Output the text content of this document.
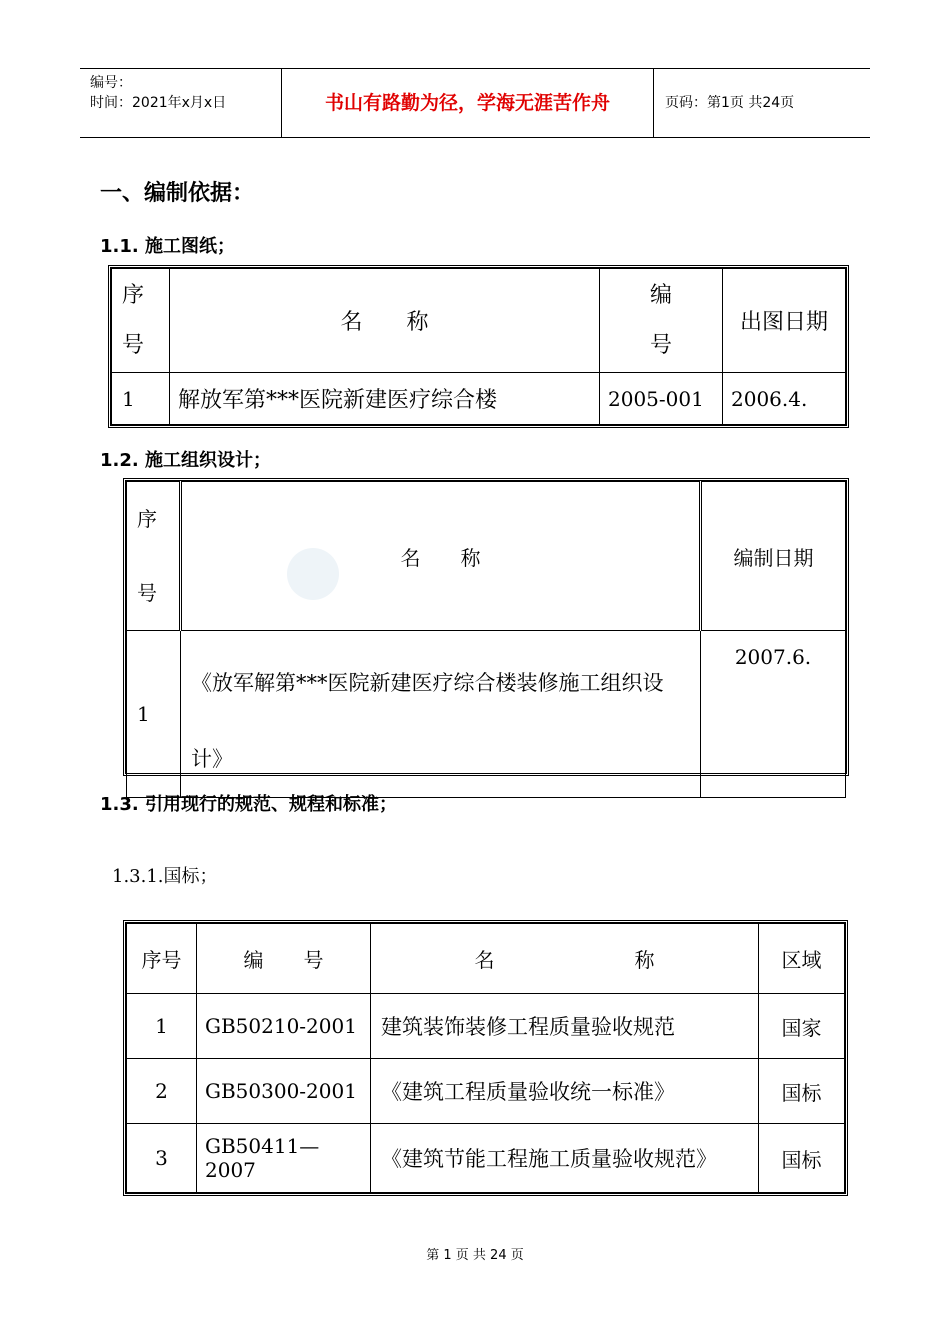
编号：
时间：2021年x月x日	书山有路勤为径，学海无涯苦作舟	页码：第1页 共24页
一、编制依据：
1.1. 施工图纸；
序号	名　　称	编号	出图日期
1	解放军第***医院新建医疗综合楼	2005-001	2006.4.
1.2. 施工组织设计；
序号	名　　称	编制日期
1	《放军解第***医院新建医疗综合楼装修施工组织设计》	2007.6.
1.3. 引用现行的规范、规程和标准；
1.3.1.国标；
序号	编　　号	名　　　　　　　称	区域
1	GB50210-2001	建筑装饰装修工程质量验收规范	国家
2	GB50300-2001	《建筑工程质量验收统一标准》	国标
3	GB50411—2007	《建筑节能工程施工质量验收规范》	国标
第 1 页 共 24 页
